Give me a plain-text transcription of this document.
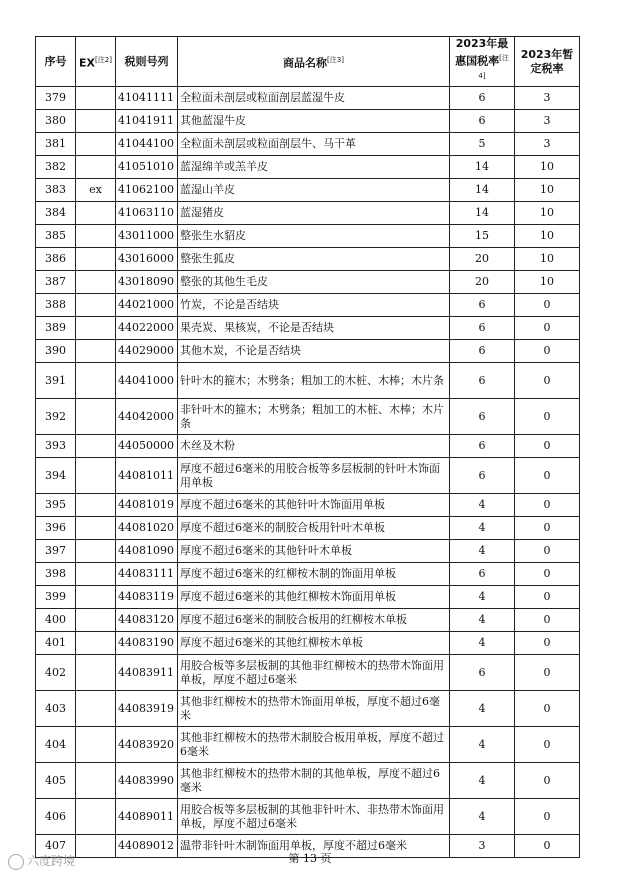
序号	EX[注2]	税则号列	商品名称[注3]	2023年最惠国税率[注4]	2023年暂定税率
379		41041111	全粒面未剖层或粒面剖层蓝湿牛皮	6	3
380		41041911	其他蓝湿牛皮	6	3
381		41044100	全粒面未剖层或粒面剖层牛、马干革	5	3
382		41051010	蓝湿绵羊或羔羊皮	14	10
383	ex	41062100	蓝湿山羊皮	14	10
384		41063110	蓝湿猪皮	14	10
385		43011000	整张生水貂皮	15	10
386		43016000	整张生狐皮	20	10
387		43018090	整张的其他生毛皮	20	10
388		44021000	竹炭，不论是否结块	6	0
389		44022000	果壳炭、果核炭，不论是否结块	6	0
390		44029000	其他木炭，不论是否结块	6	0
391		44041000	针叶木的箍木；木劈条；粗加工的木桩、木棒；木片条	6	0
392		44042000	非针叶木的箍木；木劈条；粗加工的木桩、木棒；木片条	6	0
393		44050000	木丝及木粉	6	0
394		44081011	厚度不超过6毫米的用胶合板等多层板制的针叶木饰面用单板	6	0
395		44081019	厚度不超过6毫米的其他针叶木饰面用单板	4	0
396		44081020	厚度不超过6毫米的制胶合板用针叶木单板	4	0
397		44081090	厚度不超过6毫米的其他针叶木单板	4	0
398		44083111	厚度不超过6毫米的红柳桉木制的饰面用单板	6	0
399		44083119	厚度不超过6毫米的其他红柳桉木饰面用单板	4	0
400		44083120	厚度不超过6毫米的制胶合板用的红柳桉木单板	4	0
401		44083190	厚度不超过6毫米的其他红柳桉木单板	4	0
402		44083911	用胶合板等多层板制的其他非红柳桉木的热带木饰面用单板，厚度不超过6毫米	6	0
403		44083919	其他非红柳桉木的热带木饰面用单板，厚度不超过6毫米	4	0
404		44083920	其他非红柳桉木的热带木制胶合板用单板，厚度不超过6毫米	4	0
405		44083990	其他非红柳桉木的热带木制的其他单板，厚度不超过6毫米	4	0
406		44089011	用胶合板等多层板制的其他非针叶木、非热带木饰面用单板，厚度不超过6毫米	4	0
407		44089012	温带非针叶木制饰面用单板，厚度不超过6毫米	3	0
第 13 页
六度跨境
